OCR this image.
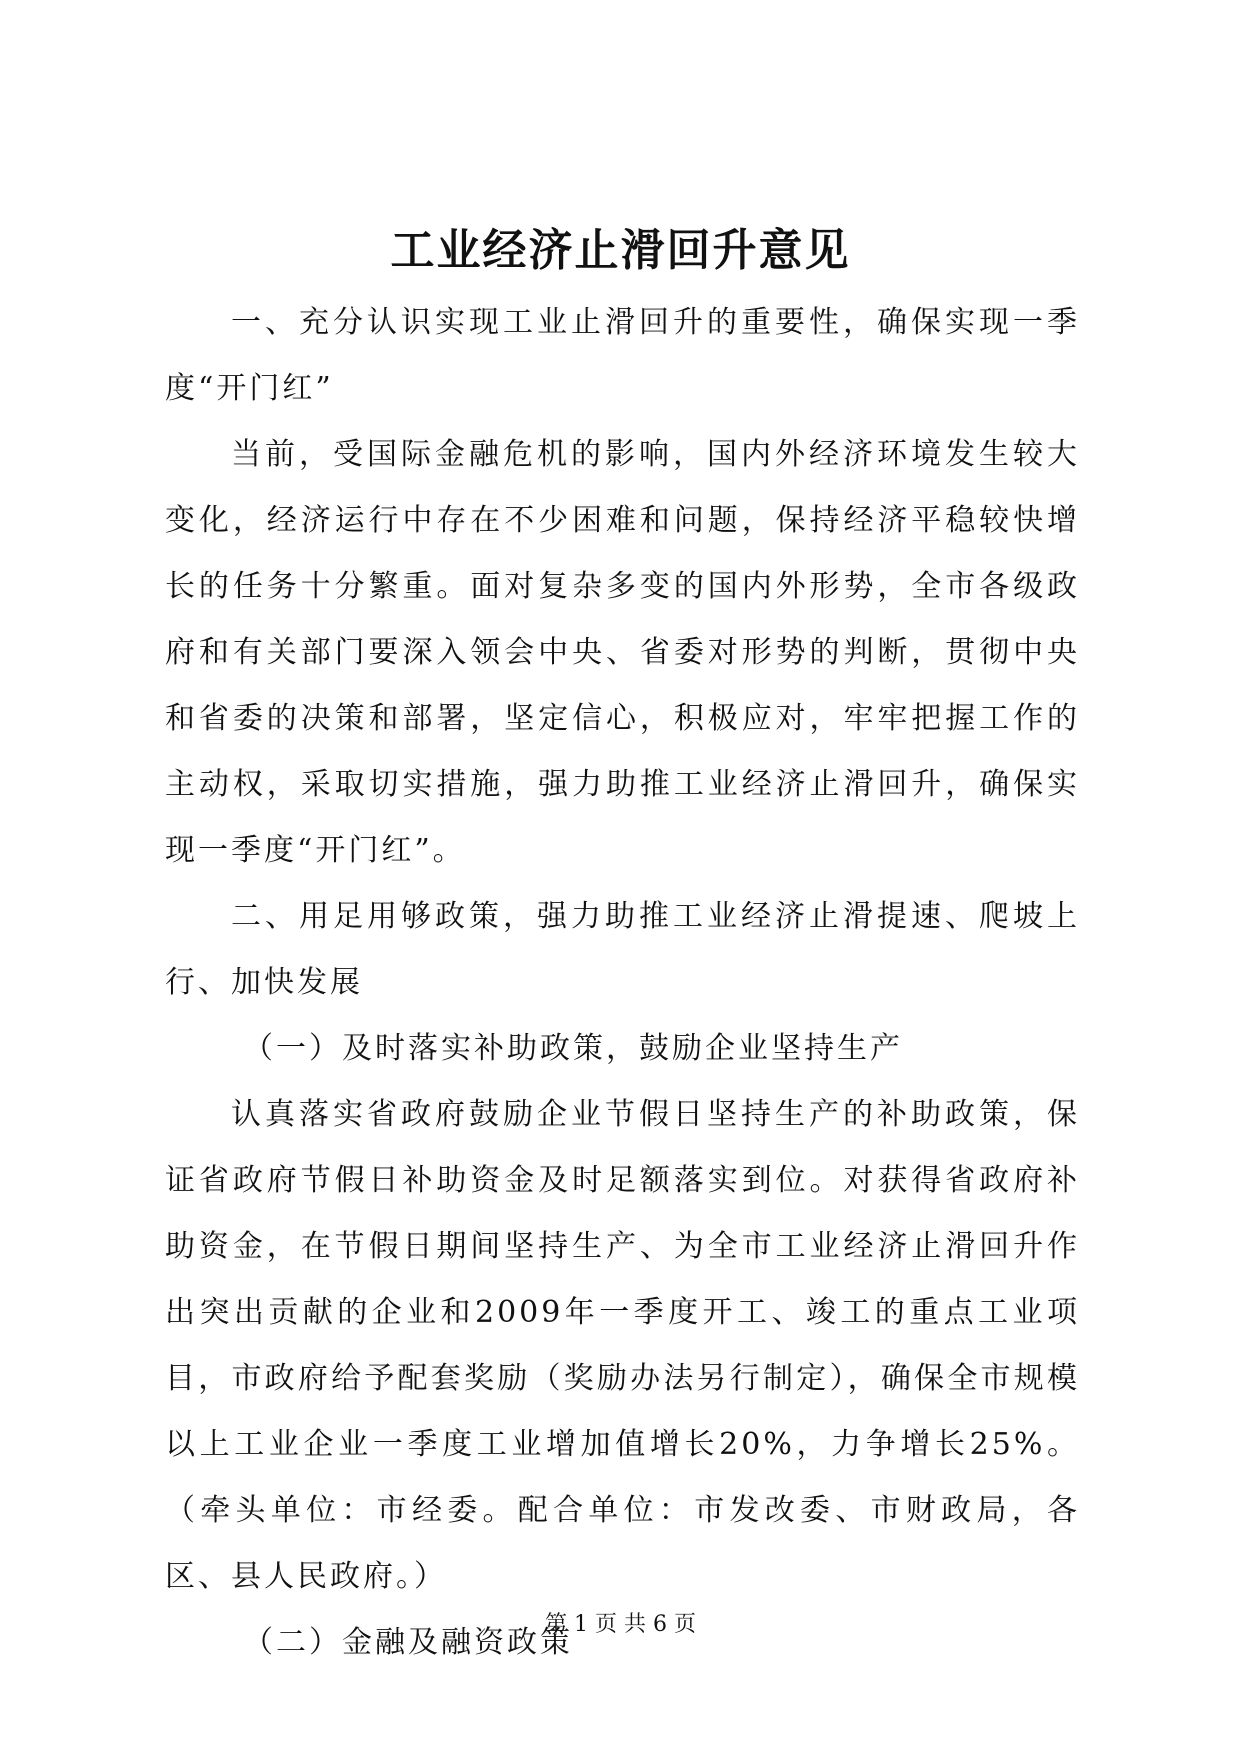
工业经济止滑回升意见

一、充分认识实现工业止滑回升的重要性，确保实现一季度“开门红”

当前，受国际金融危机的影响，国内外经济环境发生较大变化，经济运行中存在不少困难和问题，保持经济平稳较快增长的任务十分繁重。面对复杂多变的国内外形势，全市各级政府和有关部门要深入领会中央、省委对形势的判断，贯彻中央和省委的决策和部署，坚定信心，积极应对，牢牢把握工作的主动权，采取切实措施，强力助推工业经济止滑回升，确保实现一季度“开门红”。

二、用足用够政策，强力助推工业经济止滑提速、爬坡上行、加快发展

（一）及时落实补助政策，鼓励企业坚持生产

认真落实省政府鼓励企业节假日坚持生产的补助政策，保证省政府节假日补助资金及时足额落实到位。对获得省政府补助资金，在节假日期间坚持生产、为全市工业经济止滑回升作出突出贡献的企业和2009年一季度开工、竣工的重点工业项目，市政府给予配套奖励（奖励办法另行制定），确保全市规模以上工业企业一季度工业增加值增长20%，力争增长25%。（牵头单位：市经委。配合单位：市发改委、市财政局，各区、县人民政府。）

（二）金融及融资政策

第 1 页 共 6 页
